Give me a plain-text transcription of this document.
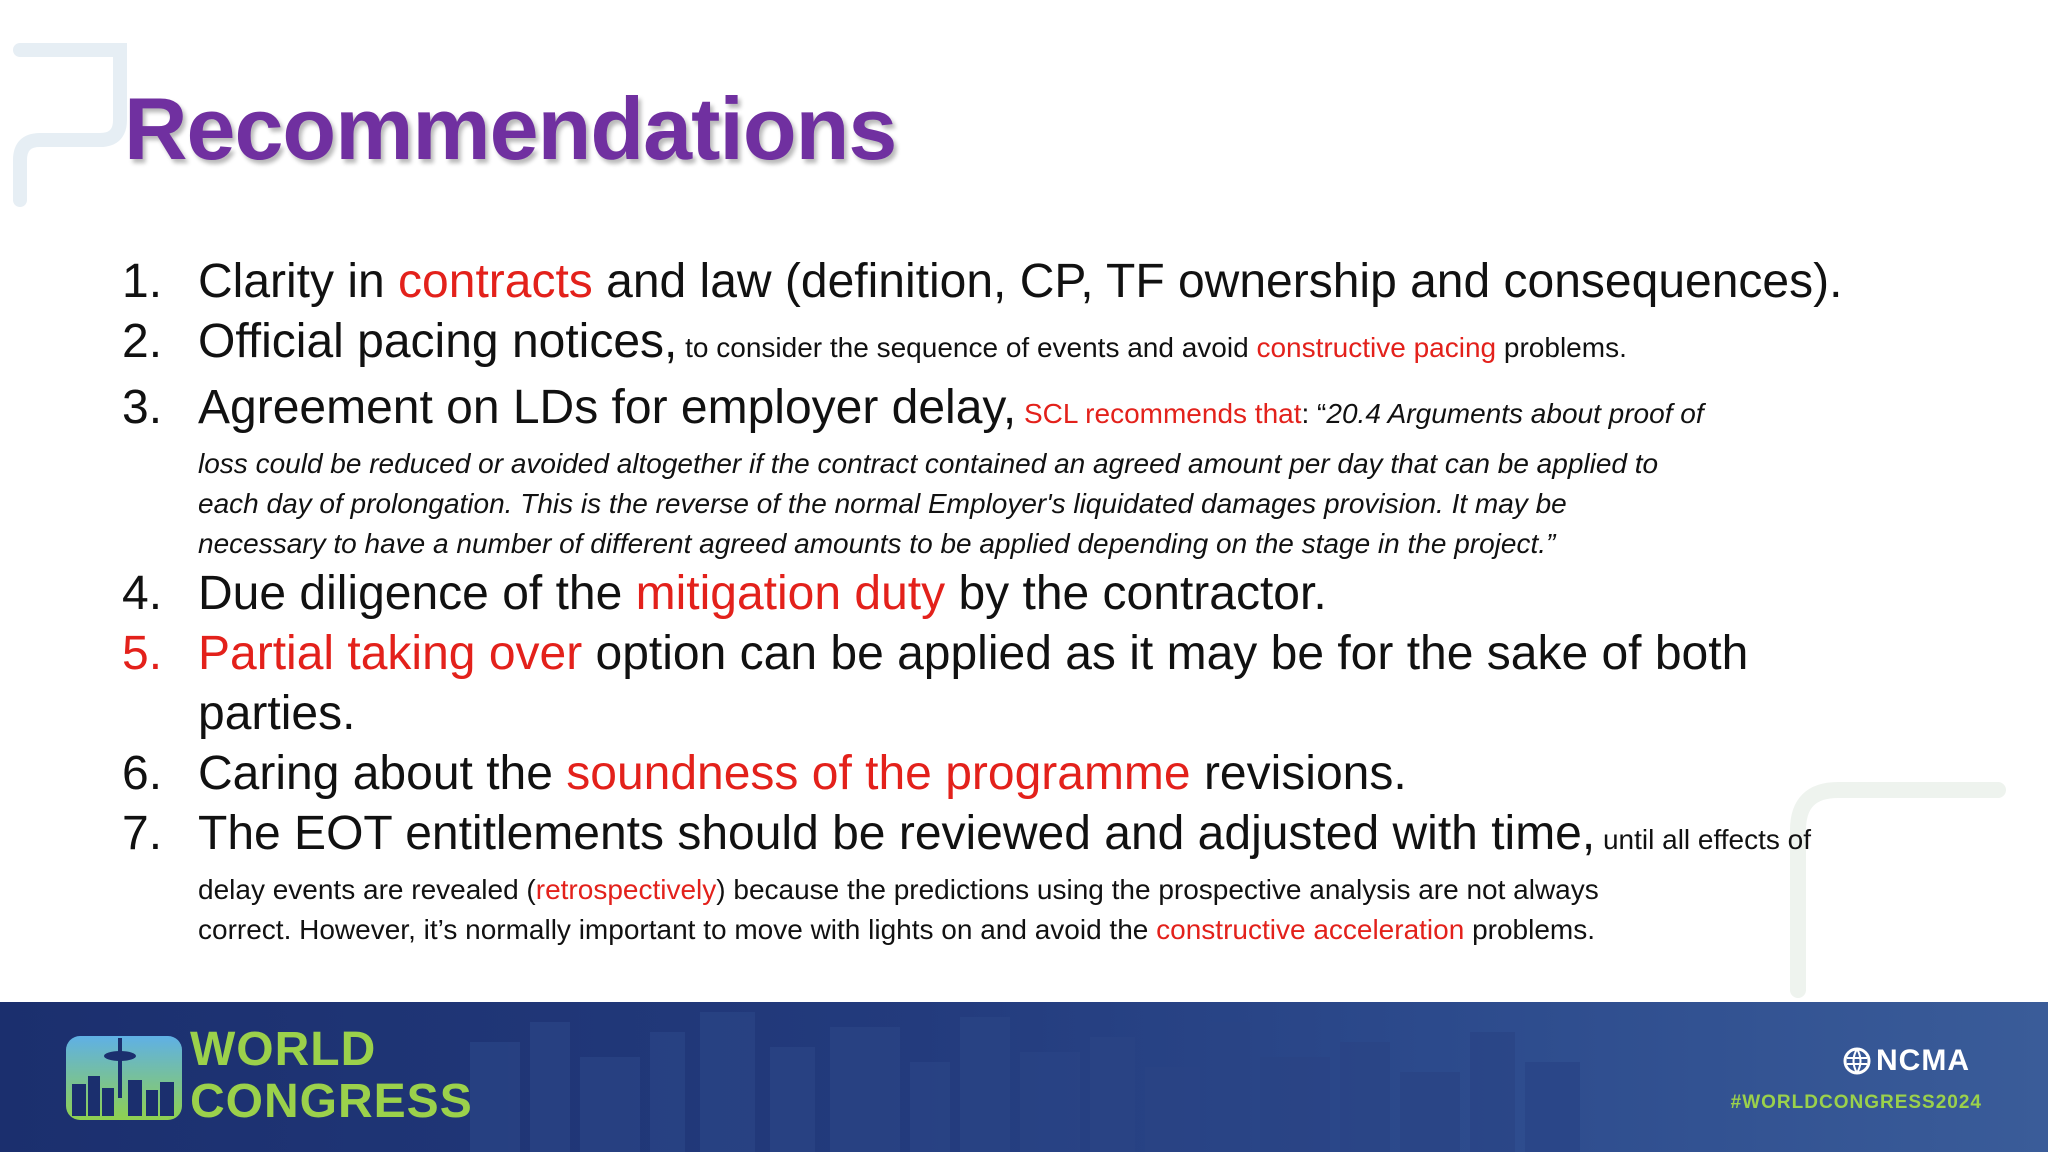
Recommendations
1. Clarity in contracts and law (definition, CP, TF ownership and consequences).
2. Official pacing notices, to consider the sequence of events and avoid constructive pacing problems.
3. Agreement on LDs for employer delay, SCL recommends that: “20.4 Arguments about proof of
loss could be reduced or avoided altogether if the contract contained an agreed amount per day that can be applied to
each day of prolongation. This is the reverse of the normal Employer's liquidated damages provision. It may be
necessary to have a number of different agreed amounts to be applied depending on the stage in the project.”
4. Due diligence of the mitigation duty by the contractor.
5. Partial taking over option can be applied as it may be for the sake of both
parties.
6. Caring about the soundness of the programme revisions.
7. The EOT entitlements should be reviewed and adjusted with time, until all effects of
delay events are revealed (retrospectively) because the predictions using the prospective analysis are not always
correct. However, it’s normally important to move with lights on and avoid the constructive acceleration problems.
WORLD
CONGRESS
NCMA
#WORLDCONGRESS2024
